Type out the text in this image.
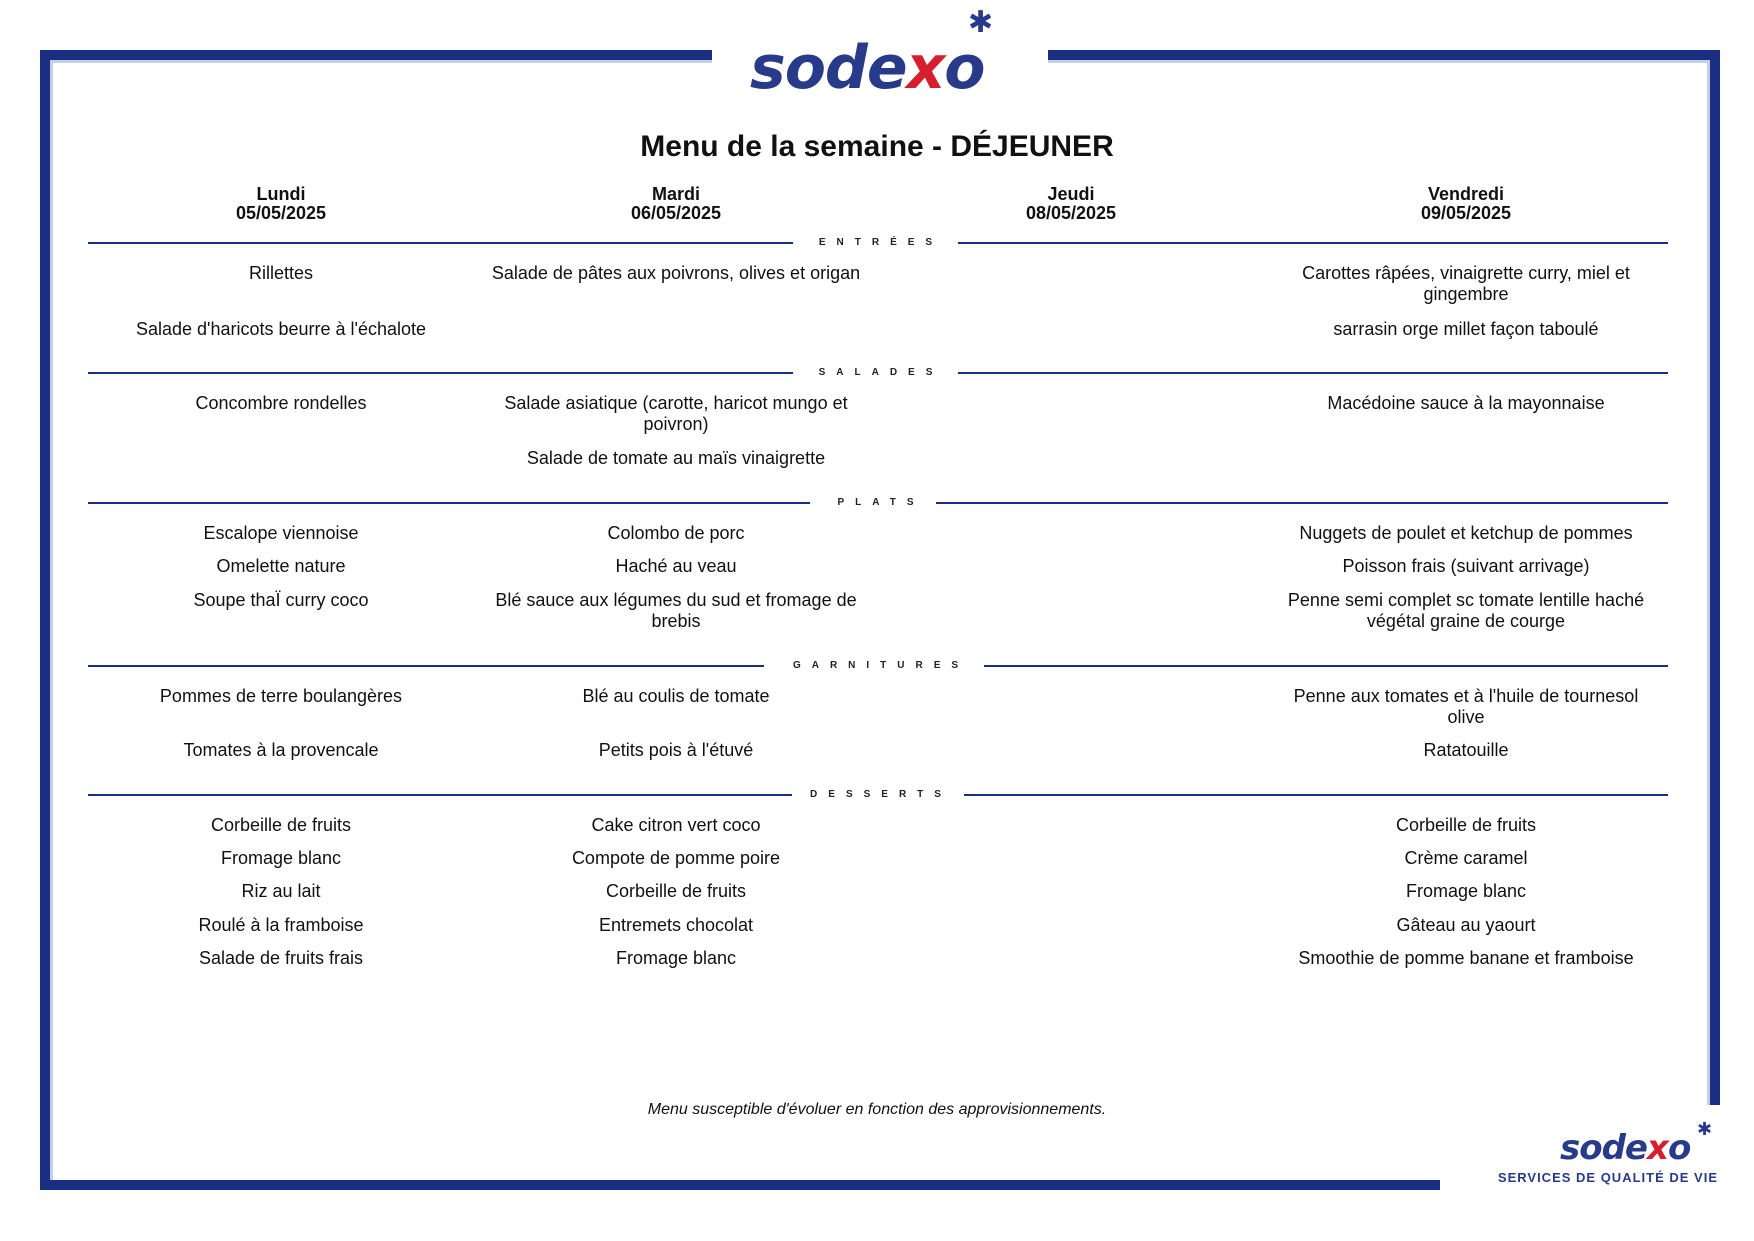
sodexo
✱
Menu de la semaine - DÉJEUNER
Lundi
05/05/2025
Mardi
06/05/2025
Jeudi
08/05/2025
Vendredi
09/05/2025
ENTRÉES
Rillettes
Salade d'haricots beurre à l'échalote
Salade de pâtes aux poivrons, olives et origan	Carottes râpées, vinaigrette curry, miel et gingembre
sarrasin orge millet façon taboulé
SALADES
Concombre rondelles	Salade asiatique (carotte, haricot mungo et poivron)
Salade de tomate au maïs vinaigrette
Macédoine sauce à la mayonnaise
PLATS
Escalope viennoise
Omelette nature
Soupe thaÏ curry coco
Colombo de porc
Haché au veau
Blé sauce aux légumes du sud et fromage de brebis
Nuggets de poulet et ketchup de pommes
Poisson frais (suivant arrivage)
Penne semi complet sc tomate lentille haché végétal graine de courge
GARNITURES
Pommes de terre boulangères
Tomates à la provencale
Blé au coulis de tomate
Petits pois à l'étuvé
Penne aux tomates et à l'huile de tournesol olive
Ratatouille
DESSERTS
Corbeille de fruits
Fromage blanc
Riz au lait
Roulé à la framboise
Salade de fruits frais
Cake citron vert coco
Compote de pomme poire
Corbeille de fruits
Entremets chocolat
Fromage blanc
Corbeille de fruits
Crème caramel
Fromage blanc
Gâteau au yaourt
Smoothie de pomme banane et framboise
Menu susceptible d'évoluer en fonction des approvisionnements.
sodexo ✱
SERVICES DE QUALITÉ DE VIE
